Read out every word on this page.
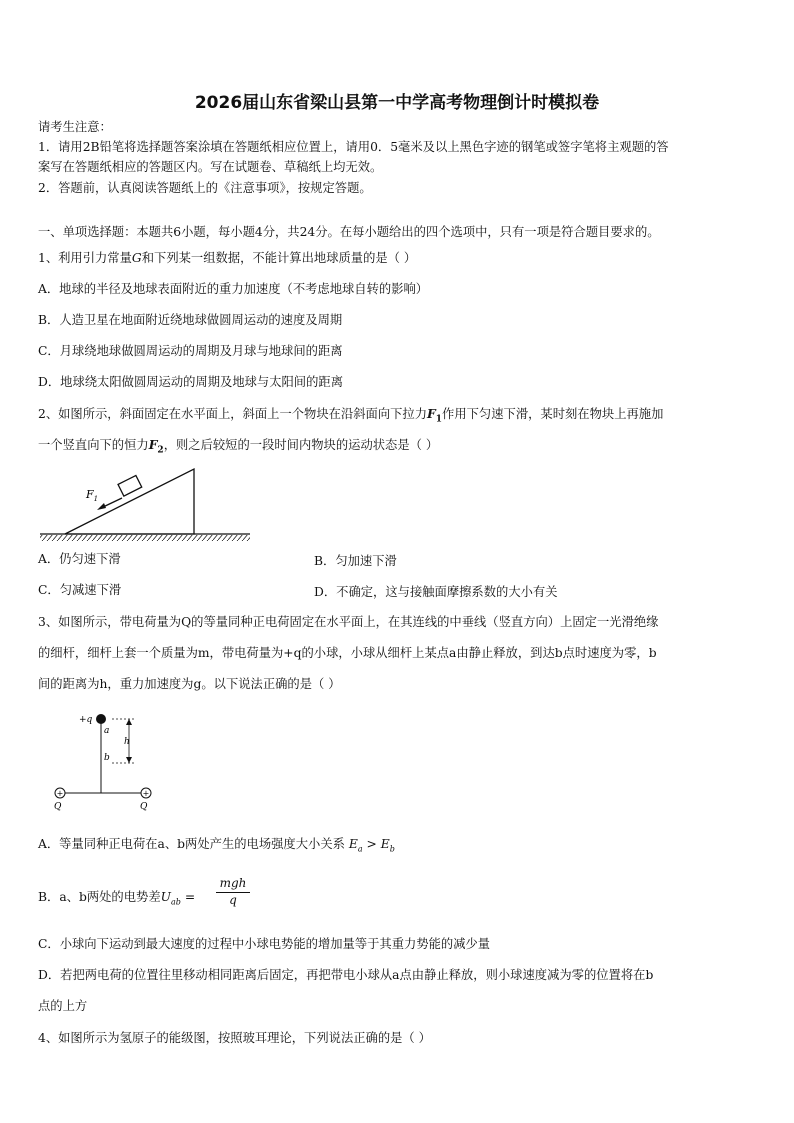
2026届山东省梁山县第一中学高考物理倒计时模拟卷
请考生注意：
1．请用2B铅笔将选择题答案涂填在答题纸相应位置上，请用0．5毫米及以上黑色字迹的钢笔或签字笔将主观题的答
案写在答题纸相应的答题区内。写在试题卷、草稿纸上均无效。
2．答题前，认真阅读答题纸上的《注意事项》，按规定答题。
一、单项选择题：本题共6小题，每小题4分，共24分。在每小题给出的四个选项中，只有一项是符合题目要求的。
1、利用引力常量G和下列某一组数据，不能计算出地球质量的是（ ）
A．地球的半径及地球表面附近的重力加速度（不考虑地球自转的影响）
B．人造卫星在地面附近绕地球做圆周运动的速度及周期
C．月球绕地球做圆周运动的周期及月球与地球间的距离
D．地球绕太阳做圆周运动的周期及地球与太阳间的距离
2、如图所示，斜面固定在水平面上，斜面上一个物块在沿斜面向下拉力$F_1$作用下匀速下滑，某时刻在物块上再施加
一个竖直向下的恒力$F_2$，则之后较短的一段时间内物块的运动状态是（ ）
$F_1$
A．仍匀速下滑	B．匀加速下滑
C．匀减速下滑	D．不确定，这与接触面摩擦系数的大小有关
3、如图所示，带电荷量为Q的等量同种正电荷固定在水平面上，在其连线的中垂线（竖直方向）上固定一光滑绝缘
的细杆，细杆上套一个质量为m，带电荷量为+q的小球，小球从细杆上某点a由静止释放，到达b点时速度为零，b
间的距离为h，重力加速度为g。以下说法正确的是（ ）
+q
a
b
h
+	+
Q	Q
A．等量同种正电荷在a、b两处产生的电场强度大小关系 $E_a > E_b$
B．a、b两处的电势差$U_{ab}$ =
mgh
q
C．小球向下运动到最大速度的过程中小球电势能的增加量等于其重力势能的减少量
D．若把两电荷的位置往里移动相同距离后固定，再把带电小球从a点由静止释放，则小球速度减为零的位置将在b
点的上方
4、如图所示为氢原子的能级图，按照玻耳理论，下列说法正确的是（ ）
